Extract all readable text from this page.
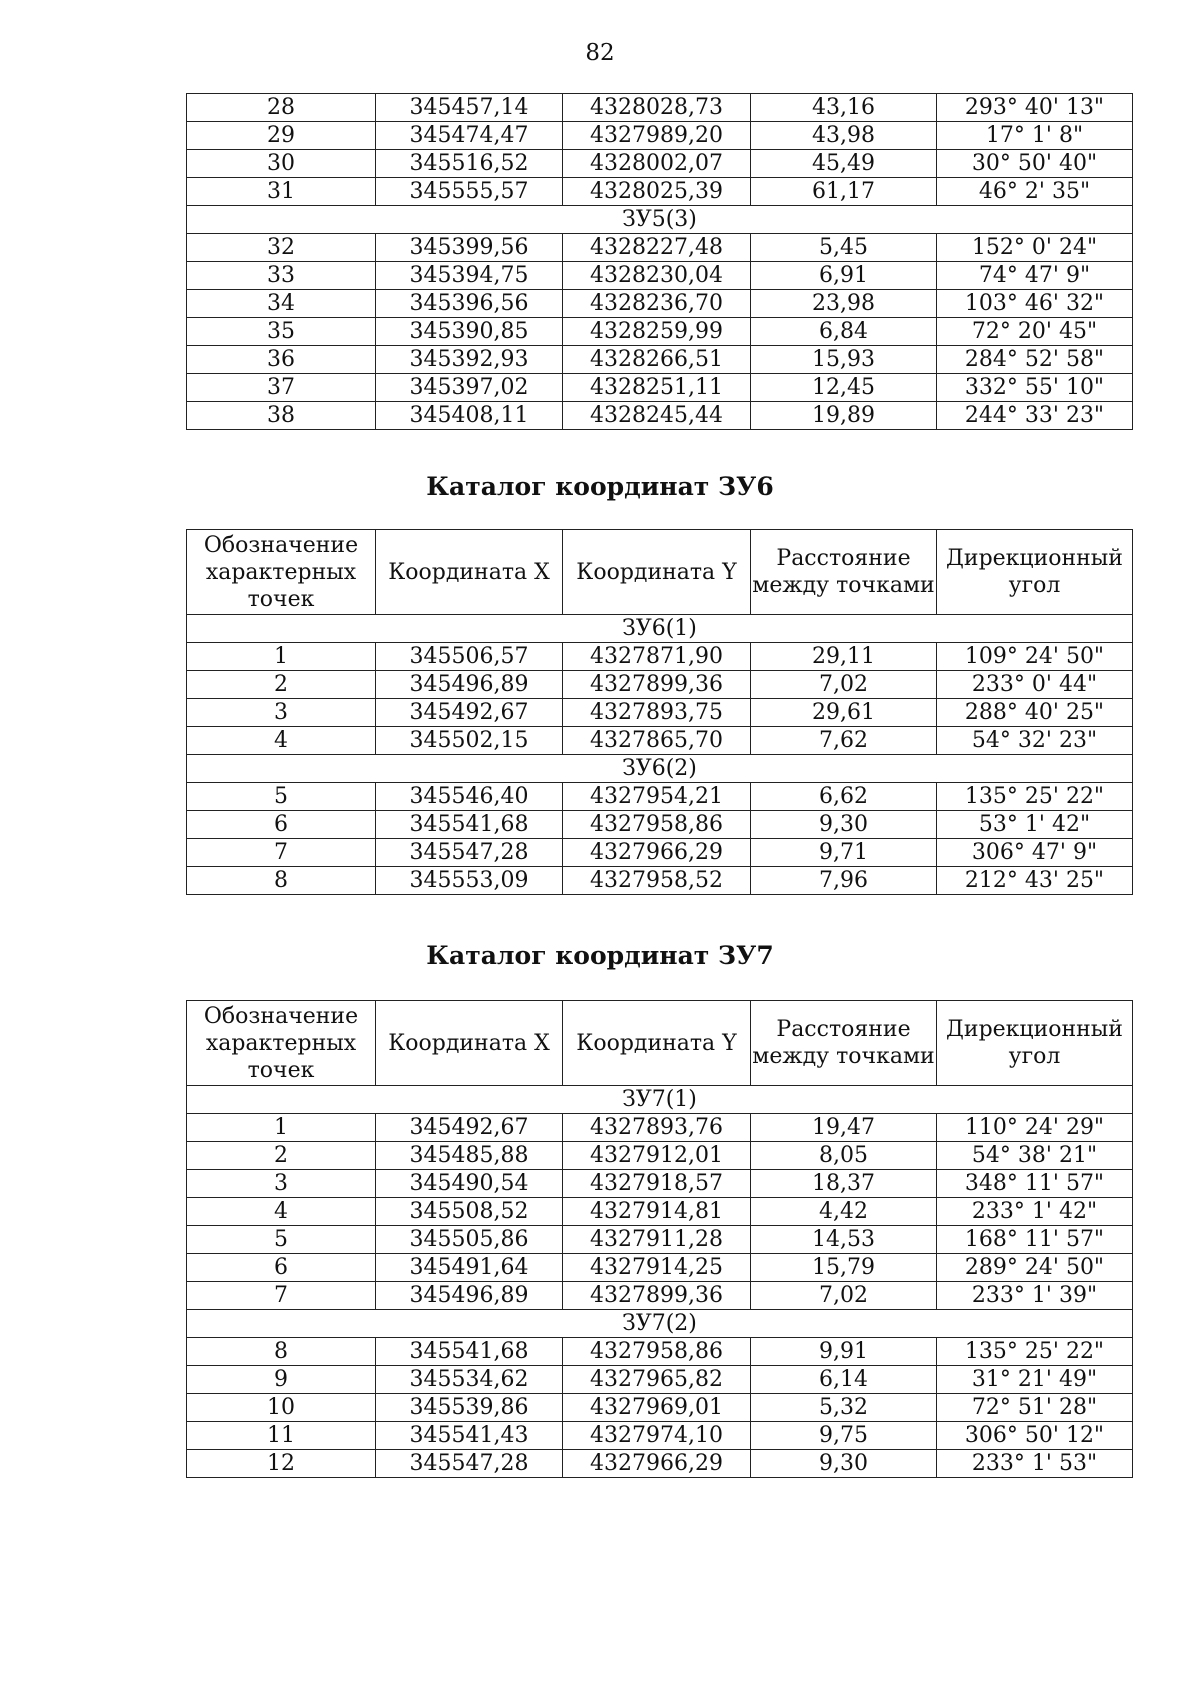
82
28	345457,14	4328028,73	43,16	293° 40' 13"
29	345474,47	4327989,20	43,98	17° 1' 8"
30	345516,52	4328002,07	45,49	30° 50' 40"
31	345555,57	4328025,39	61,17	46° 2' 35"
ЗУ5(3)				
32	345399,56	4328227,48	5,45	152° 0' 24"
33	345394,75	4328230,04	6,91	74° 47' 9"
34	345396,56	4328236,70	23,98	103° 46' 32"
35	345390,85	4328259,99	6,84	72° 20' 45"
36	345392,93	4328266,51	15,93	284° 52' 58"
37	345397,02	4328251,11	12,45	332° 55' 10"
38	345408,11	4328245,44	19,89	244° 33' 23"
Каталог координат ЗУ6
Обозначение характерных точек	Координата X	Координата Y	Расстояние между точками	Дирекционный угол
ЗУ6(1)				
1	345506,57	4327871,90	29,11	109° 24' 50"
2	345496,89	4327899,36	7,02	233° 0' 44"
3	345492,67	4327893,75	29,61	288° 40' 25"
4	345502,15	4327865,70	7,62	54° 32' 23"
ЗУ6(2)				
5	345546,40	4327954,21	6,62	135° 25' 22"
6	345541,68	4327958,86	9,30	53° 1' 42"
7	345547,28	4327966,29	9,71	306° 47' 9"
8	345553,09	4327958,52	7,96	212° 43' 25"
Каталог координат ЗУ7
Обозначение характерных точек	Координата X	Координата Y	Расстояние между точками	Дирекционный угол
ЗУ7(1)				
1	345492,67	4327893,76	19,47	110° 24' 29"
2	345485,88	4327912,01	8,05	54° 38' 21"
3	345490,54	4327918,57	18,37	348° 11' 57"
4	345508,52	4327914,81	4,42	233° 1' 42"
5	345505,86	4327911,28	14,53	168° 11' 57"
6	345491,64	4327914,25	15,79	289° 24' 50"
7	345496,89	4327899,36	7,02	233° 1' 39"
ЗУ7(2)				
8	345541,68	4327958,86	9,91	135° 25' 22"
9	345534,62	4327965,82	6,14	31° 21' 49"
10	345539,86	4327969,01	5,32	72° 51' 28"
11	345541,43	4327974,10	9,75	306° 50' 12"
12	345547,28	4327966,29	9,30	233° 1' 53"
